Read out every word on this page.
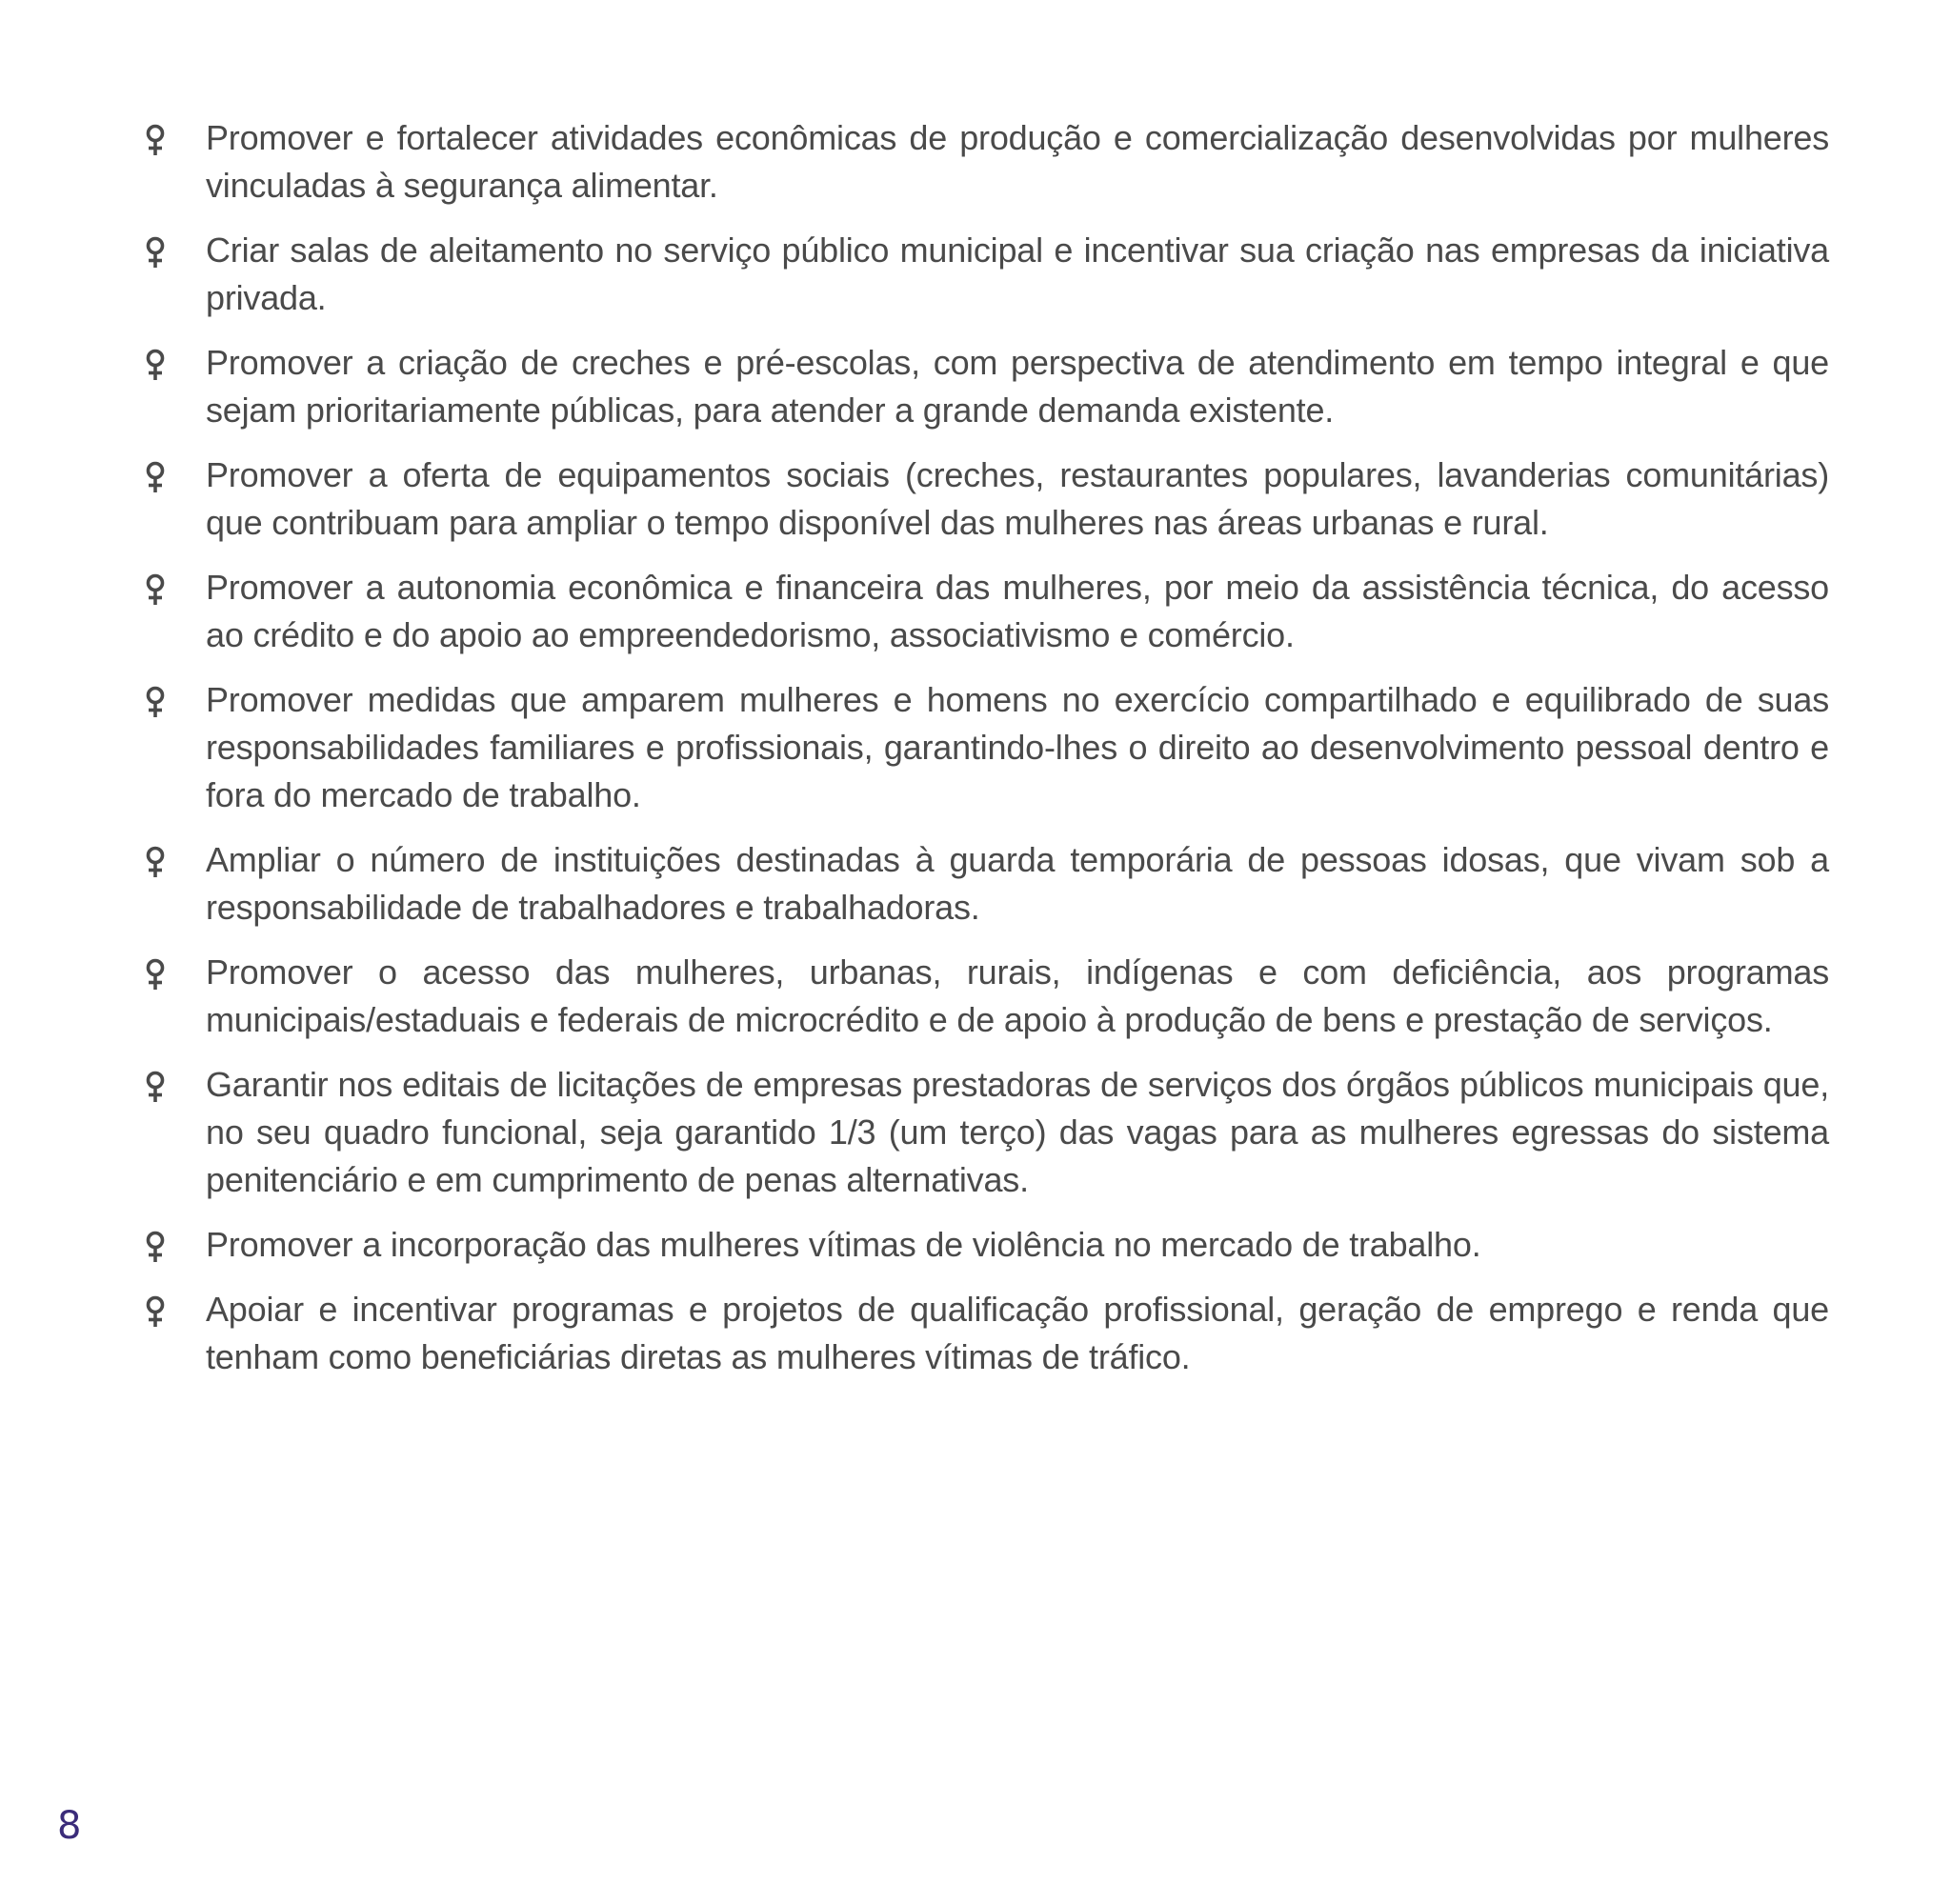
Promover e fortalecer atividades econômicas de produção e comercialização desenvolvidas por mulheres vinculadas à segurança alimentar.
Criar salas de aleitamento no serviço público municipal e incentivar sua criação nas empresas da iniciativa privada.
Promover a criação de creches e pré-escolas, com perspectiva de atendimento em tempo integral e que sejam prioritariamente públicas, para atender a grande demanda existente.
Promover a oferta de equipamentos sociais (creches, restaurantes populares, lavanderias comunitárias) que contribuam para ampliar o tempo disponível das mulheres nas áreas urbanas e rural.
Promover a autonomia econômica e financeira das mulheres, por meio da assistência técnica, do acesso ao crédito e do apoio ao empreendedorismo, associativismo e comércio.
Promover medidas que amparem mulheres e homens no exercício compartilhado e equilibrado de suas responsabilidades familiares e profissionais, garantindo-lhes o direito ao desenvolvimento pessoal dentro e fora do mercado de trabalho.
Ampliar o número de instituições destinadas à guarda temporária de pessoas idosas, que vivam sob a responsabilidade de trabalhadores e trabalhadoras.
Promover o acesso das mulheres, urbanas, rurais, indígenas e com deficiência, aos programas municipais/estaduais e federais de microcrédito e de apoio à produção de bens e prestação de serviços.
Garantir nos editais de licitações de empresas prestadoras de serviços dos órgãos públicos municipais que, no seu quadro funcional, seja garantido 1/3 (um terço) das vagas para as mulheres egressas do sistema penitenciário e em cumprimento de penas alternativas.
Promover a incorporação das mulheres vítimas de violência no mercado de trabalho.
Apoiar e incentivar programas e projetos de qualificação profissional, geração de emprego e renda que tenham como beneficiárias diretas as mulheres vítimas de tráfico.
8
